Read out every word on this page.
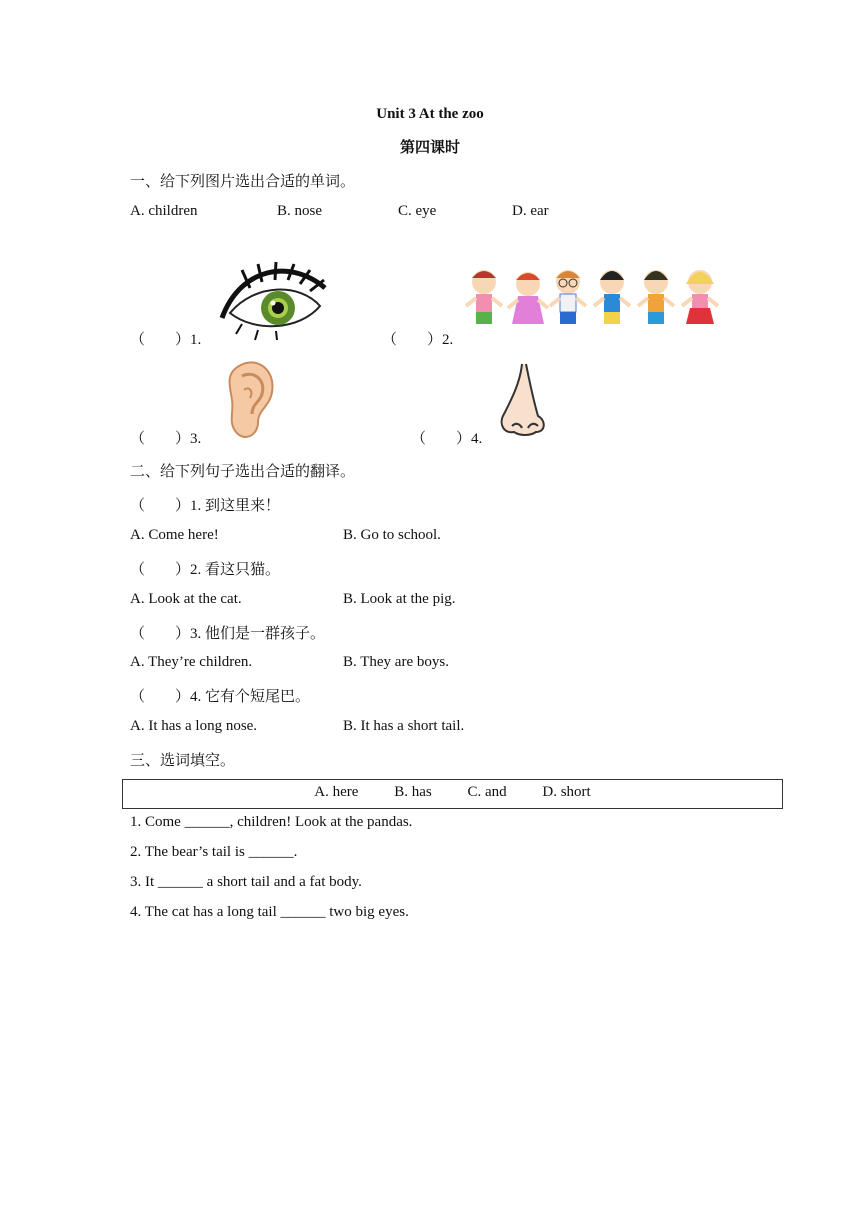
Unit 3 At the zoo
第四课时
一、给下列图片选出合适的单词。
A. children	B. nose	C. eye	D. ear
（　　）1.	（　　）2.
（　　）3.	（　　）4.
二、给下列句子选出合适的翻译。
（　　）1. 到这里来！
A. Come here!	B. Go to school.
（　　）2. 看这只猫。
A. Look at the cat.	B. Look at the pig.
（　　）3. 他们是一群孩子。
A. They’re children.	B. They are boys.
（　　）4. 它有个短尾巴。
A. It has a long nose.	B. It has a short tail.
三、选词填空。
A. here B. has C. and D. short
1. Come ______, children! Look at the pandas.
2. The bear’s tail is ______.
3. It ______ a short tail and a fat body.
4. The cat has a long tail ______ two big eyes.
